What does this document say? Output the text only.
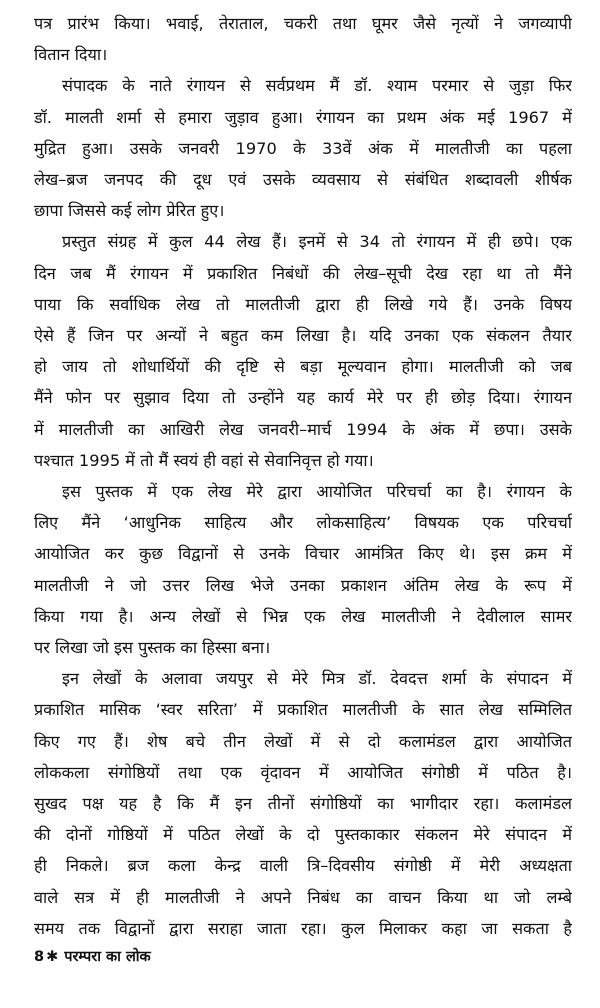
पत्र प्रारंभ किया। भवाई, तेराताल, चकरी तथा घूमर जैसे नृत्यों ने जगव्यापी
वितान दिया।

संपादक के नाते रंगायन से सर्वप्रथम मैं डॉ. श्याम परमार से जुड़ा फिर
डॉ. मालती शर्मा से हमारा जुड़ाव हुआ। रंगायन का प्रथम अंक मई 1967 में
मुद्रित हुआ। उसके जनवरी 1970 के 33वें अंक में मालतीजी का पहला
लेख–ब्रज जनपद की दूध एवं उसके व्यवसाय से संबंधित शब्दावली शीर्षक
छापा जिससे कई लोग प्रेरित हुए।

प्रस्तुत संग्रह में कुल 44 लेख हैं। इनमें से 34 तो रंगायन में ही छपे। एक
दिन जब मैं रंगायन में प्रकाशित निबंधों की लेख–सूची देख रहा था तो मैंने
पाया कि सर्वाधिक लेख तो मालतीजी द्वारा ही लिखे गये हैं। उनके विषय
ऐसे हैं जिन पर अन्यों ने बहुत कम लिखा है। यदि उनका एक संकलन तैयार
हो जाय तो शोधार्थियों की दृष्टि से बड़ा मूल्यवान होगा। मालतीजी को जब
मैंने फोन पर सुझाव दिया तो उन्होंने यह कार्य मेरे पर ही छोड़ दिया। रंगायन
में मालतीजी का आखिरी लेख जनवरी–मार्च 1994 के अंक में छपा। उसके
पश्चात 1995 में तो मैं स्वयं ही वहां से सेवानिवृत्त हो गया।

इस पुस्तक में एक लेख मेरे द्वारा आयोजित परिचर्चा का है। रंगायन के
लिए मैंने ‘आधुनिक साहित्य और लोकसाहित्य’ विषयक एक परिचर्चा
आयोजित कर कुछ विद्वानों से उनके विचार आमंत्रित किए थे। इस क्रम में
मालतीजी ने जो उत्तर लिख भेजे उनका प्रकाशन अंतिम लेख के रूप में
किया गया है। अन्य लेखों से भिन्न एक लेख मालतीजी ने देवीलाल सामर
पर लिखा जो इस पुस्तक का हिस्सा बना।

इन लेखों के अलावा जयपुर से मेरे मित्र डॉ. देवदत्त शर्मा के संपादन में
प्रकाशित मासिक ‘स्वर सरिता’ में प्रकाशित मालतीजी के सात लेख सम्मिलित
किए गए हैं। शेष बचे तीन लेखों में से दो कलामंडल द्वारा आयोजित
लोककला संगोष्ठियों तथा एक वृंदावन में आयोजित संगोष्ठी में पठित है।
सुखद पक्ष यह है कि मैं इन तीनों संगोष्ठियों का भागीदार रहा। कलामंडल
की दोनों गोष्ठियों में पठित लेखों के दो पुस्तकाकार संकलन मेरे संपादन में
ही निकले। ब्रज कला केन्द्र वाली त्रि–दिवसीय संगोष्ठी में मेरी अध्यक्षता
वाले सत्र में ही मालतीजी ने अपने निबंध का वाचन किया था जो लम्बे
समय तक विद्वानों द्वारा सराहा जाता रहा। कुल मिलाकर कहा जा सकता है

8 ✱ परम्परा का लोक
